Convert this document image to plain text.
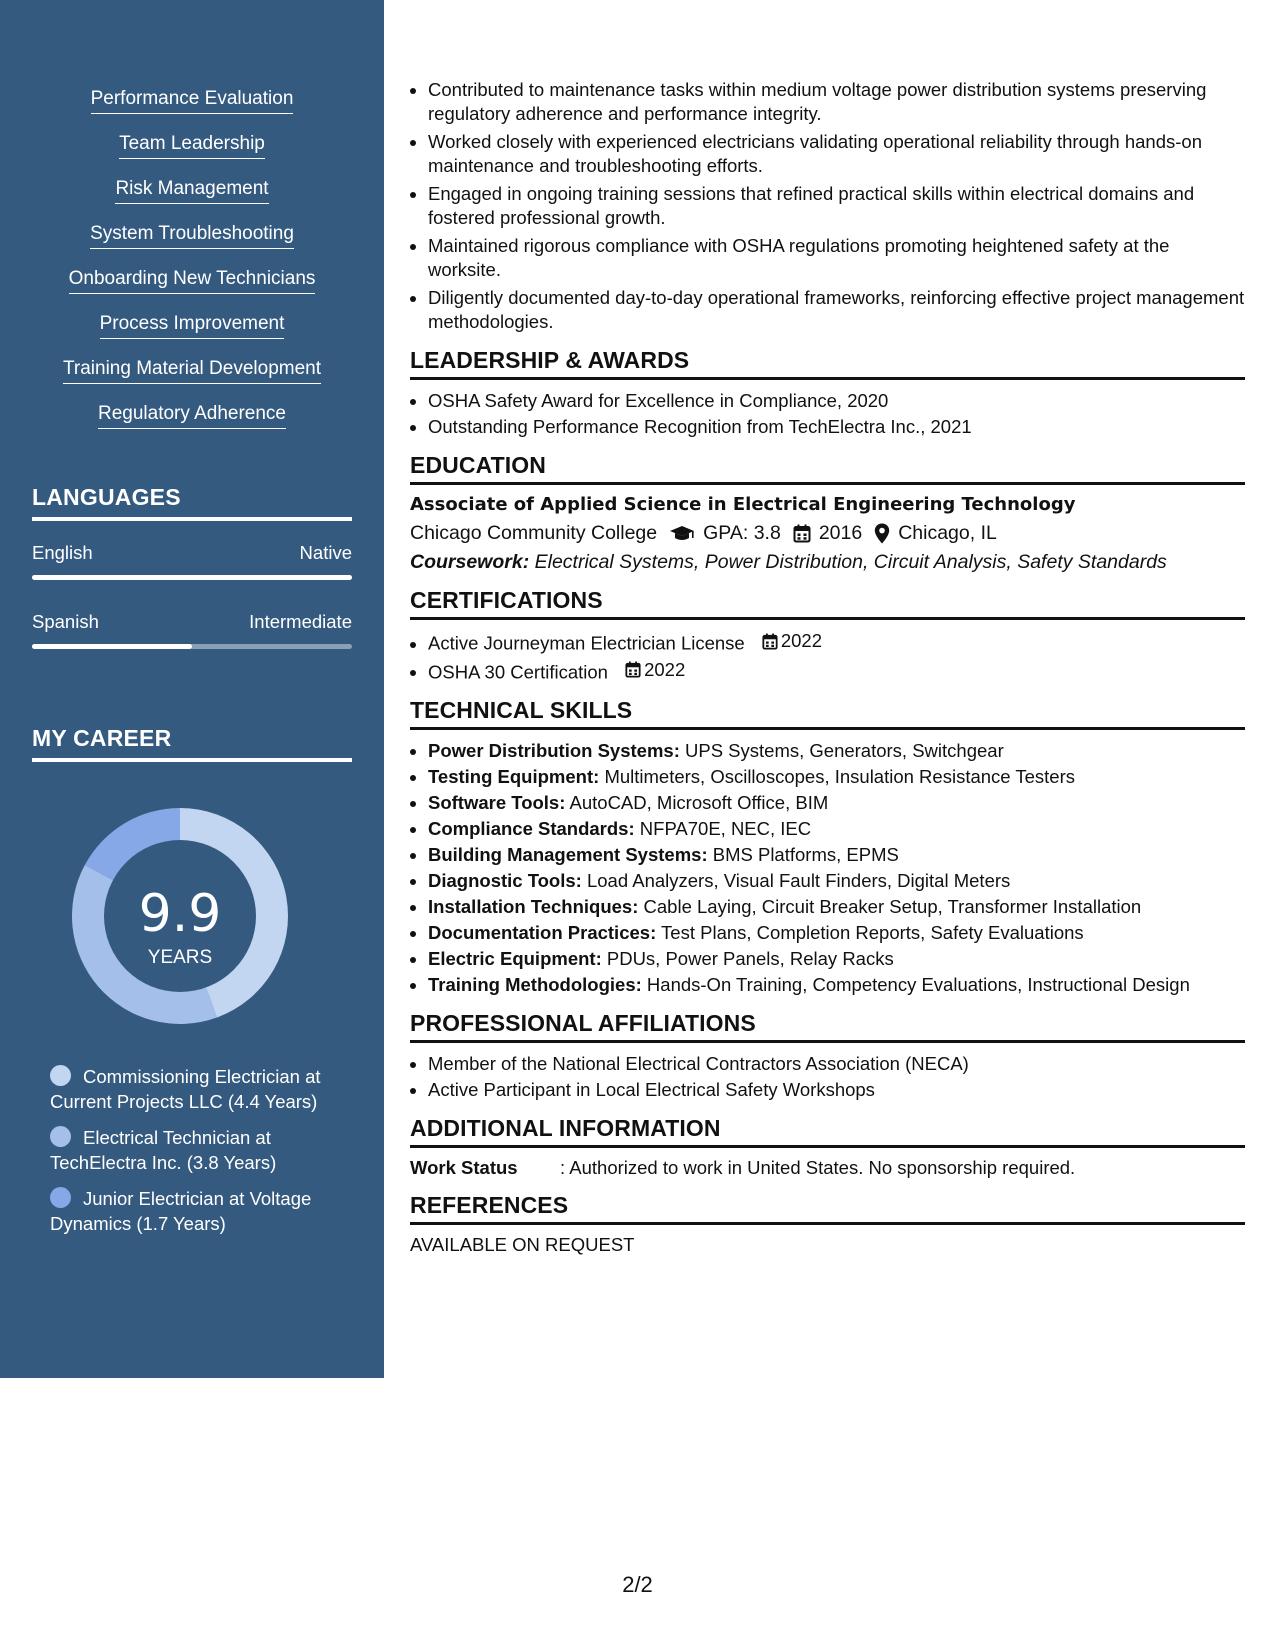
Performance Evaluation
Team Leadership
Risk Management
System Troubleshooting
Onboarding New Technicians
Process Improvement
Training Material Development
Regulatory Adherence
LANGUAGES
English	Native
Spanish	Intermediate
MY CAREER
9.9
YEARS
Commissioning Electrician at Current Projects LLC (4.4 Years)
Electrical Technician at TechElectra Inc. (3.8 Years)
Junior Electrician at Voltage Dynamics (1.7 Years)
• Contributed to maintenance tasks within medium voltage power distribution systems preserving regulatory adherence and performance integrity.
• Worked closely with experienced electricians validating operational reliability through hands-on maintenance and troubleshooting efforts.
• Engaged in ongoing training sessions that refined practical skills within electrical domains and fostered professional growth.
• Maintained rigorous compliance with OSHA regulations promoting heightened safety at the worksite.
• Diligently documented day-to-day operational frameworks, reinforcing effective project management methodologies.
LEADERSHIP & AWARDS
• OSHA Safety Award for Excellence in Compliance, 2020
• Outstanding Performance Recognition from TechElectra Inc., 2021
EDUCATION
Associate of Applied Science in Electrical Engineering Technology
Chicago Community College GPA: 3.8 2016 Chicago, IL
Coursework: Electrical Systems, Power Distribution, Circuit Analysis, Safety Standards
CERTIFICATIONS
• Active Journeyman Electrician License 2022
• OSHA 30 Certification 2022
TECHNICAL SKILLS
• Power Distribution Systems: UPS Systems, Generators, Switchgear
• Testing Equipment: Multimeters, Oscilloscopes, Insulation Resistance Testers
• Software Tools: AutoCAD, Microsoft Office, BIM
• Compliance Standards: NFPA70E, NEC, IEC
• Building Management Systems: BMS Platforms, EPMS
• Diagnostic Tools: Load Analyzers, Visual Fault Finders, Digital Meters
• Installation Techniques: Cable Laying, Circuit Breaker Setup, Transformer Installation
• Documentation Practices: Test Plans, Completion Reports, Safety Evaluations
• Electric Equipment: PDUs, Power Panels, Relay Racks
• Training Methodologies: Hands-On Training, Competency Evaluations, Instructional Design
PROFESSIONAL AFFILIATIONS
• Member of the National Electrical Contractors Association (NECA)
• Active Participant in Local Electrical Safety Workshops
ADDITIONAL INFORMATION
Work Status	: Authorized to work in United States. No sponsorship required.
REFERENCES
AVAILABLE ON REQUEST
2/2
